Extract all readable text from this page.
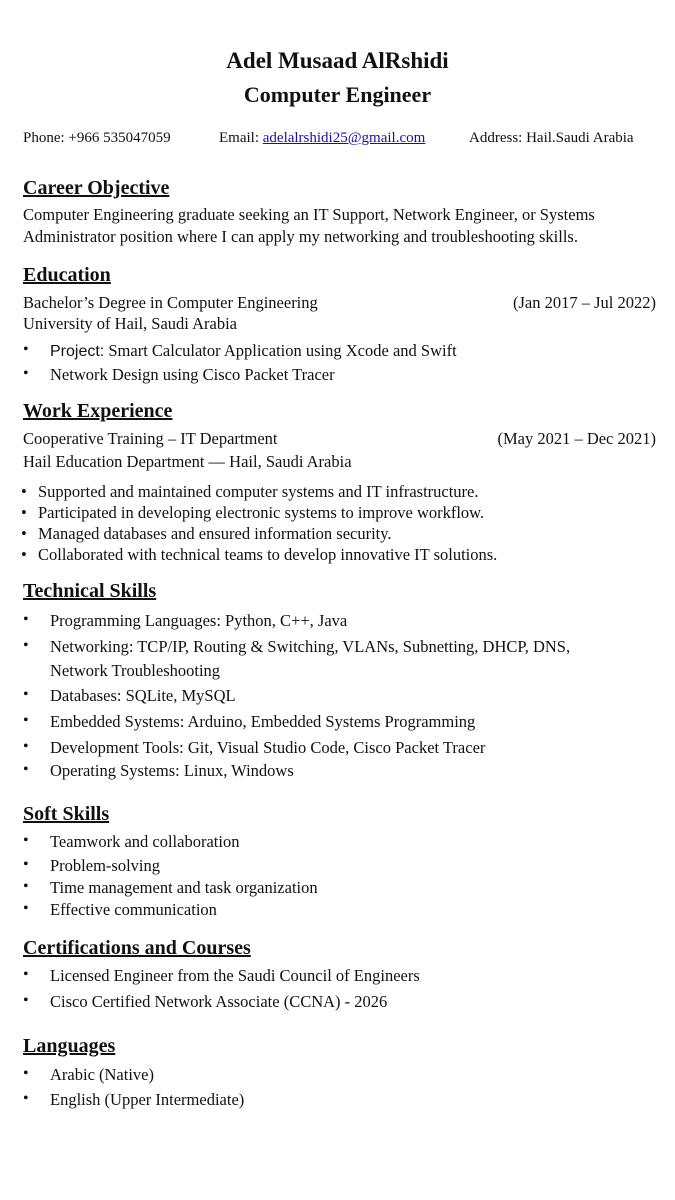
Adel Musaad AlRshidi
Computer Engineer
Phone: +966 535047059	Email: adelalrshidi25@gmail.com	Address: Hail.Saudi Arabia
Career Objective
Computer Engineering graduate seeking an IT Support, Network Engineer, or Systems
Administrator position where I can apply my networking and troubleshooting skills.
Education
Bachelor’s Degree in Computer Engineering	(Jan 2017 – Jul 2022)
University of Hail, Saudi Arabia
• Project: Smart Calculator Application using Xcode and Swift
• Network Design using Cisco Packet Tracer
Work Experience
Cooperative Training – IT Department	(May 2021 – Dec 2021)
Hail Education Department — Hail, Saudi Arabia
• Supported and maintained computer systems and IT infrastructure.
• Participated in developing electronic systems to improve workflow.
• Managed databases and ensured information security.
• Collaborated with technical teams to develop innovative IT solutions.
Technical Skills
• Programming Languages: Python, C++, Java
• Networking: TCP/IP, Routing & Switching, VLANs, Subnetting, DHCP, DNS,
Network Troubleshooting
• Databases: SQLite, MySQL
• Embedded Systems: Arduino, Embedded Systems Programming
• Development Tools: Git, Visual Studio Code, Cisco Packet Tracer
• Operating Systems: Linux, Windows
Soft Skills
• Teamwork and collaboration
• Problem-solving
• Time management and task organization
• Effective communication
Certifications and Courses
• Licensed Engineer from the Saudi Council of Engineers
• Cisco Certified Network Associate (CCNA) - 2026
Languages
• Arabic (Native)
• English (Upper Intermediate)
